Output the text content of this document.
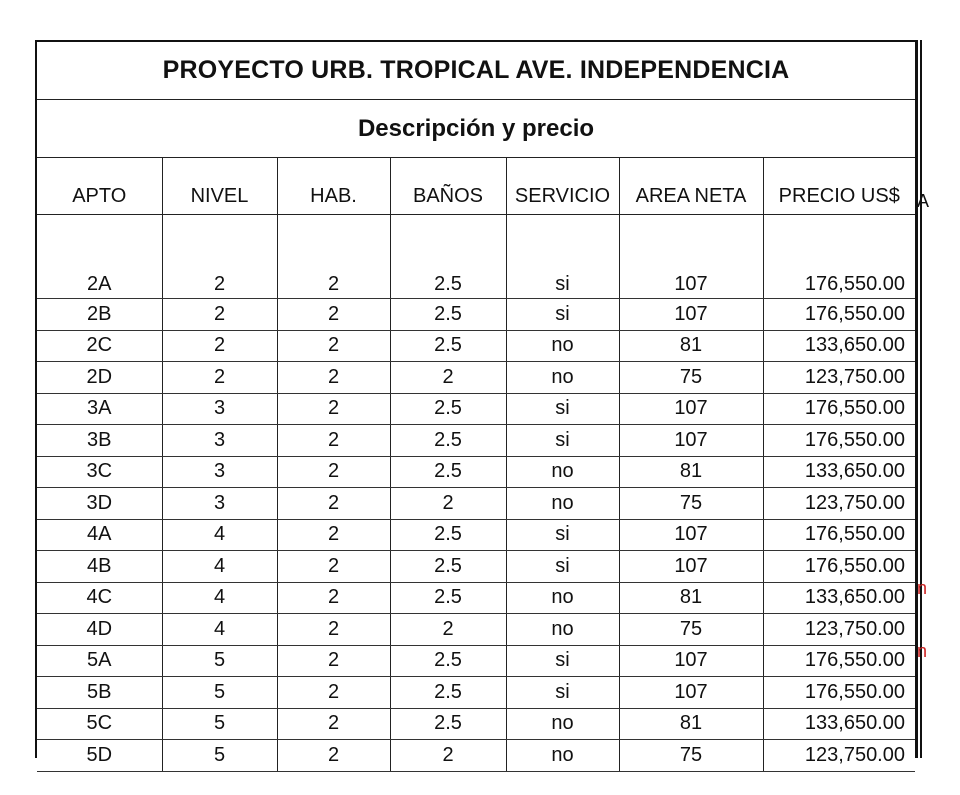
PROYECTO URB. TROPICAL AVE. INDEPENDENCIA
Descripción y precio
APTO	NIVEL	HAB.	BAÑOS	SERVICIO	AREA NETA	PRECIO US$

2A	2	2	2.5	si	107	176,550.00
2B	2	2	2.5	si	107	176,550.00
2C	2	2	2.5	no	81	133,650.00
2D	2	2	2	no	75	123,750.00
3A	3	2	2.5	si	107	176,550.00
3B	3	2	2.5	si	107	176,550.00
3C	3	2	2.5	no	81	133,650.00
3D	3	2	2	no	75	123,750.00
4A	4	2	2.5	si	107	176,550.00
4B	4	2	2.5	si	107	176,550.00
4C	4	2	2.5	no	81	133,650.00
4D	4	2	2	no	75	123,750.00
5A	5	2	2.5	si	107	176,550.00
5B	5	2	2.5	si	107	176,550.00
5C	5	2	2.5	no	81	133,650.00
5D	5	2	2	no	75	123,750.00
A
n
n
